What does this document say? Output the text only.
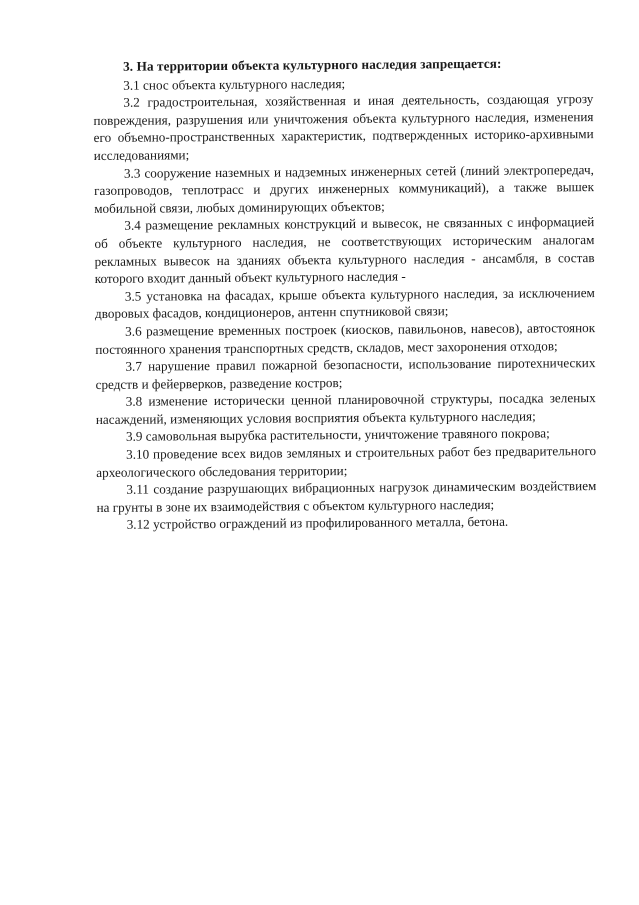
3. На территории объекта культурного наследия запрещается:

3.1 снос объекта культурного наследия;

3.2 градостроительная, хозяйственная и иная деятельность, создающая угрозу повреждения, разрушения или уничтожения объекта культурного наследия, изменения его объемно-пространственных характеристик, подтвержденных историко-архивными исследованиями;

3.3 сооружение наземных и надземных инженерных сетей (линий электропередач, газопроводов, теплотрасс и других инженерных коммуникаций), а также вышек мобильной связи, любых доминирующих объектов;

3.4 размещение рекламных конструкций и вывесок, не связанных с информацией об объекте культурного наследия, не соответствующих историческим аналогам рекламных вывесок на зданиях объекта культурного наследия - ансамбля, в состав которого входит данный объект культурного наследия -

3.5 установка на фасадах, крыше объекта культурного наследия, за исключением дворовых фасадов, кондиционеров, антенн спутниковой связи;

3.6 размещение временных построек (киосков, павильонов, навесов), автостоянок постоянного хранения транспортных средств, складов, мест захоронения отходов;

3.7 нарушение правил пожарной безопасности, использование пиротехнических средств и фейерверков, разведение костров;

3.8 изменение исторически ценной планировочной структуры, посадка зеленых насаждений, изменяющих условия восприятия объекта культурного наследия;

3.9 самовольная вырубка растительности, уничтожение травяного покрова;

3.10 проведение всех видов земляных и строительных работ без предварительного археологического обследования территории;

3.11 создание разрушающих вибрационных нагрузок динамическим воздействием на грунты в зоне их взаимодействия с объектом культурного наследия;

3.12 устройство ограждений из профилированного металла, бетона.
